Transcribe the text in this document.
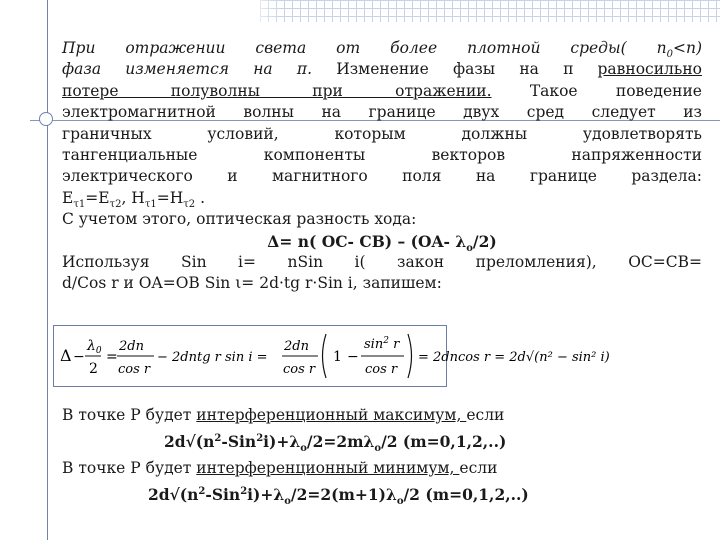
При отражении света от более плотной среды( $n_0<n$)
фаза изменяется на π. Изменение фазы на π равносильно
потере полуволны при отражении. Такое поведение
электромагнитной волны на границе двух сред следует из
граничных условий, которым должны удовлетворять
тангенциальные компоненты векторов напряженности
электрического и магнитного поля на границе раздела:
$E_{\tau 1}=E_{\tau 2}$, $H_{\tau 1}=H_{\tau 2}$ .
С учетом этого, оптическая разность хода:
Δ= n( OC- CB) – (OA- $\lambda_o/2$)
Используя Sin i= nSin i( закон преломления), OC=CB=
d/Cos r и OA=OB Sin ι= 2d·tg r·Sin i, запишем:
Δ −
$\lambda_0$
2
=
2dn
cos r
− 2dntg r sin i =
2dn
cos r
1 −
$\sin^2 r$
cos r
= 2dncos r = 2d√(n² − sin² i)
В точке Р будет интерференционный максимум, если
$2d√(n^2-Sin^2i)+\lambda_o/2=2m\lambda_o/2$ (m=0,1,2,..)
В точке Р будет интерференционный минимум, если
$2d√(n^2-Sin^2i)+\lambda_o/2=2(m+1)\lambda_o/2$ (m=0,1,2,..)
